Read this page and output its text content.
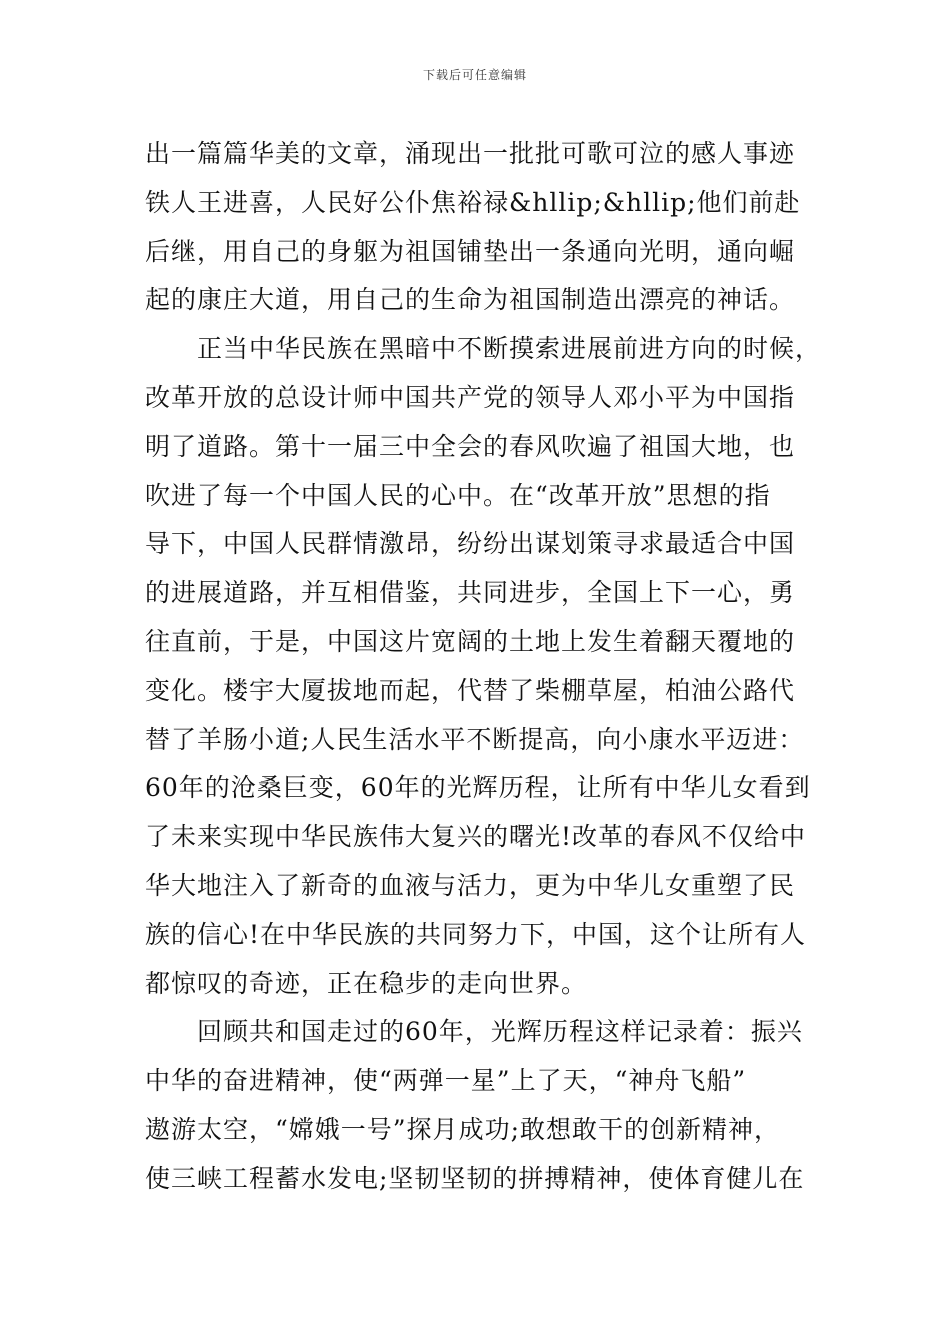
下载后可任意编辑
出一篇篇华美的文章，涌现出一批批可歌可泣的感人事迹
铁人王进喜，人民好公仆焦裕禄&hllip;&hllip;他们前赴
后继，用自己的身躯为祖国铺垫出一条通向光明，通向崛
起的康庄大道，用自己的生命为祖国制造出漂亮的神话。
正当中华民族在黑暗中不断摸索进展前进方向的时候，
改革开放的总设计师中国共产党的领导人邓小平为中国指
明了道路。第十一届三中全会的春风吹遍了祖国大地，也
吹进了每一个中国人民的心中。在“改革开放”思想的指
导下，中国人民群情激昂，纷纷出谋划策寻求最适合中国
的进展道路，并互相借鉴，共同进步，全国上下一心，勇
往直前，于是，中国这片宽阔的土地上发生着翻天覆地的
变化。楼宇大厦拔地而起，代替了柴棚草屋，柏油公路代
替了羊肠小道;人民生活水平不断提高，向小康水平迈进：
60年的沧桑巨变，60年的光辉历程，让所有中华儿女看到
了未来实现中华民族伟大复兴的曙光!改革的春风不仅给中
华大地注入了新奇的血液与活力，更为中华儿女重塑了民
族的信心!在中华民族的共同努力下，中国，这个让所有人
都惊叹的奇迹，正在稳步的走向世界。
回顾共和国走过的60年，光辉历程这样记录着：振兴
中华的奋进精神，使“两弹一星”上了天，“神舟飞船”
遨游太空，“嫦娥一号”探月成功;敢想敢干的创新精神，
使三峡工程蓄水发电;坚韧坚韧的拼搏精神，使体育健儿在
